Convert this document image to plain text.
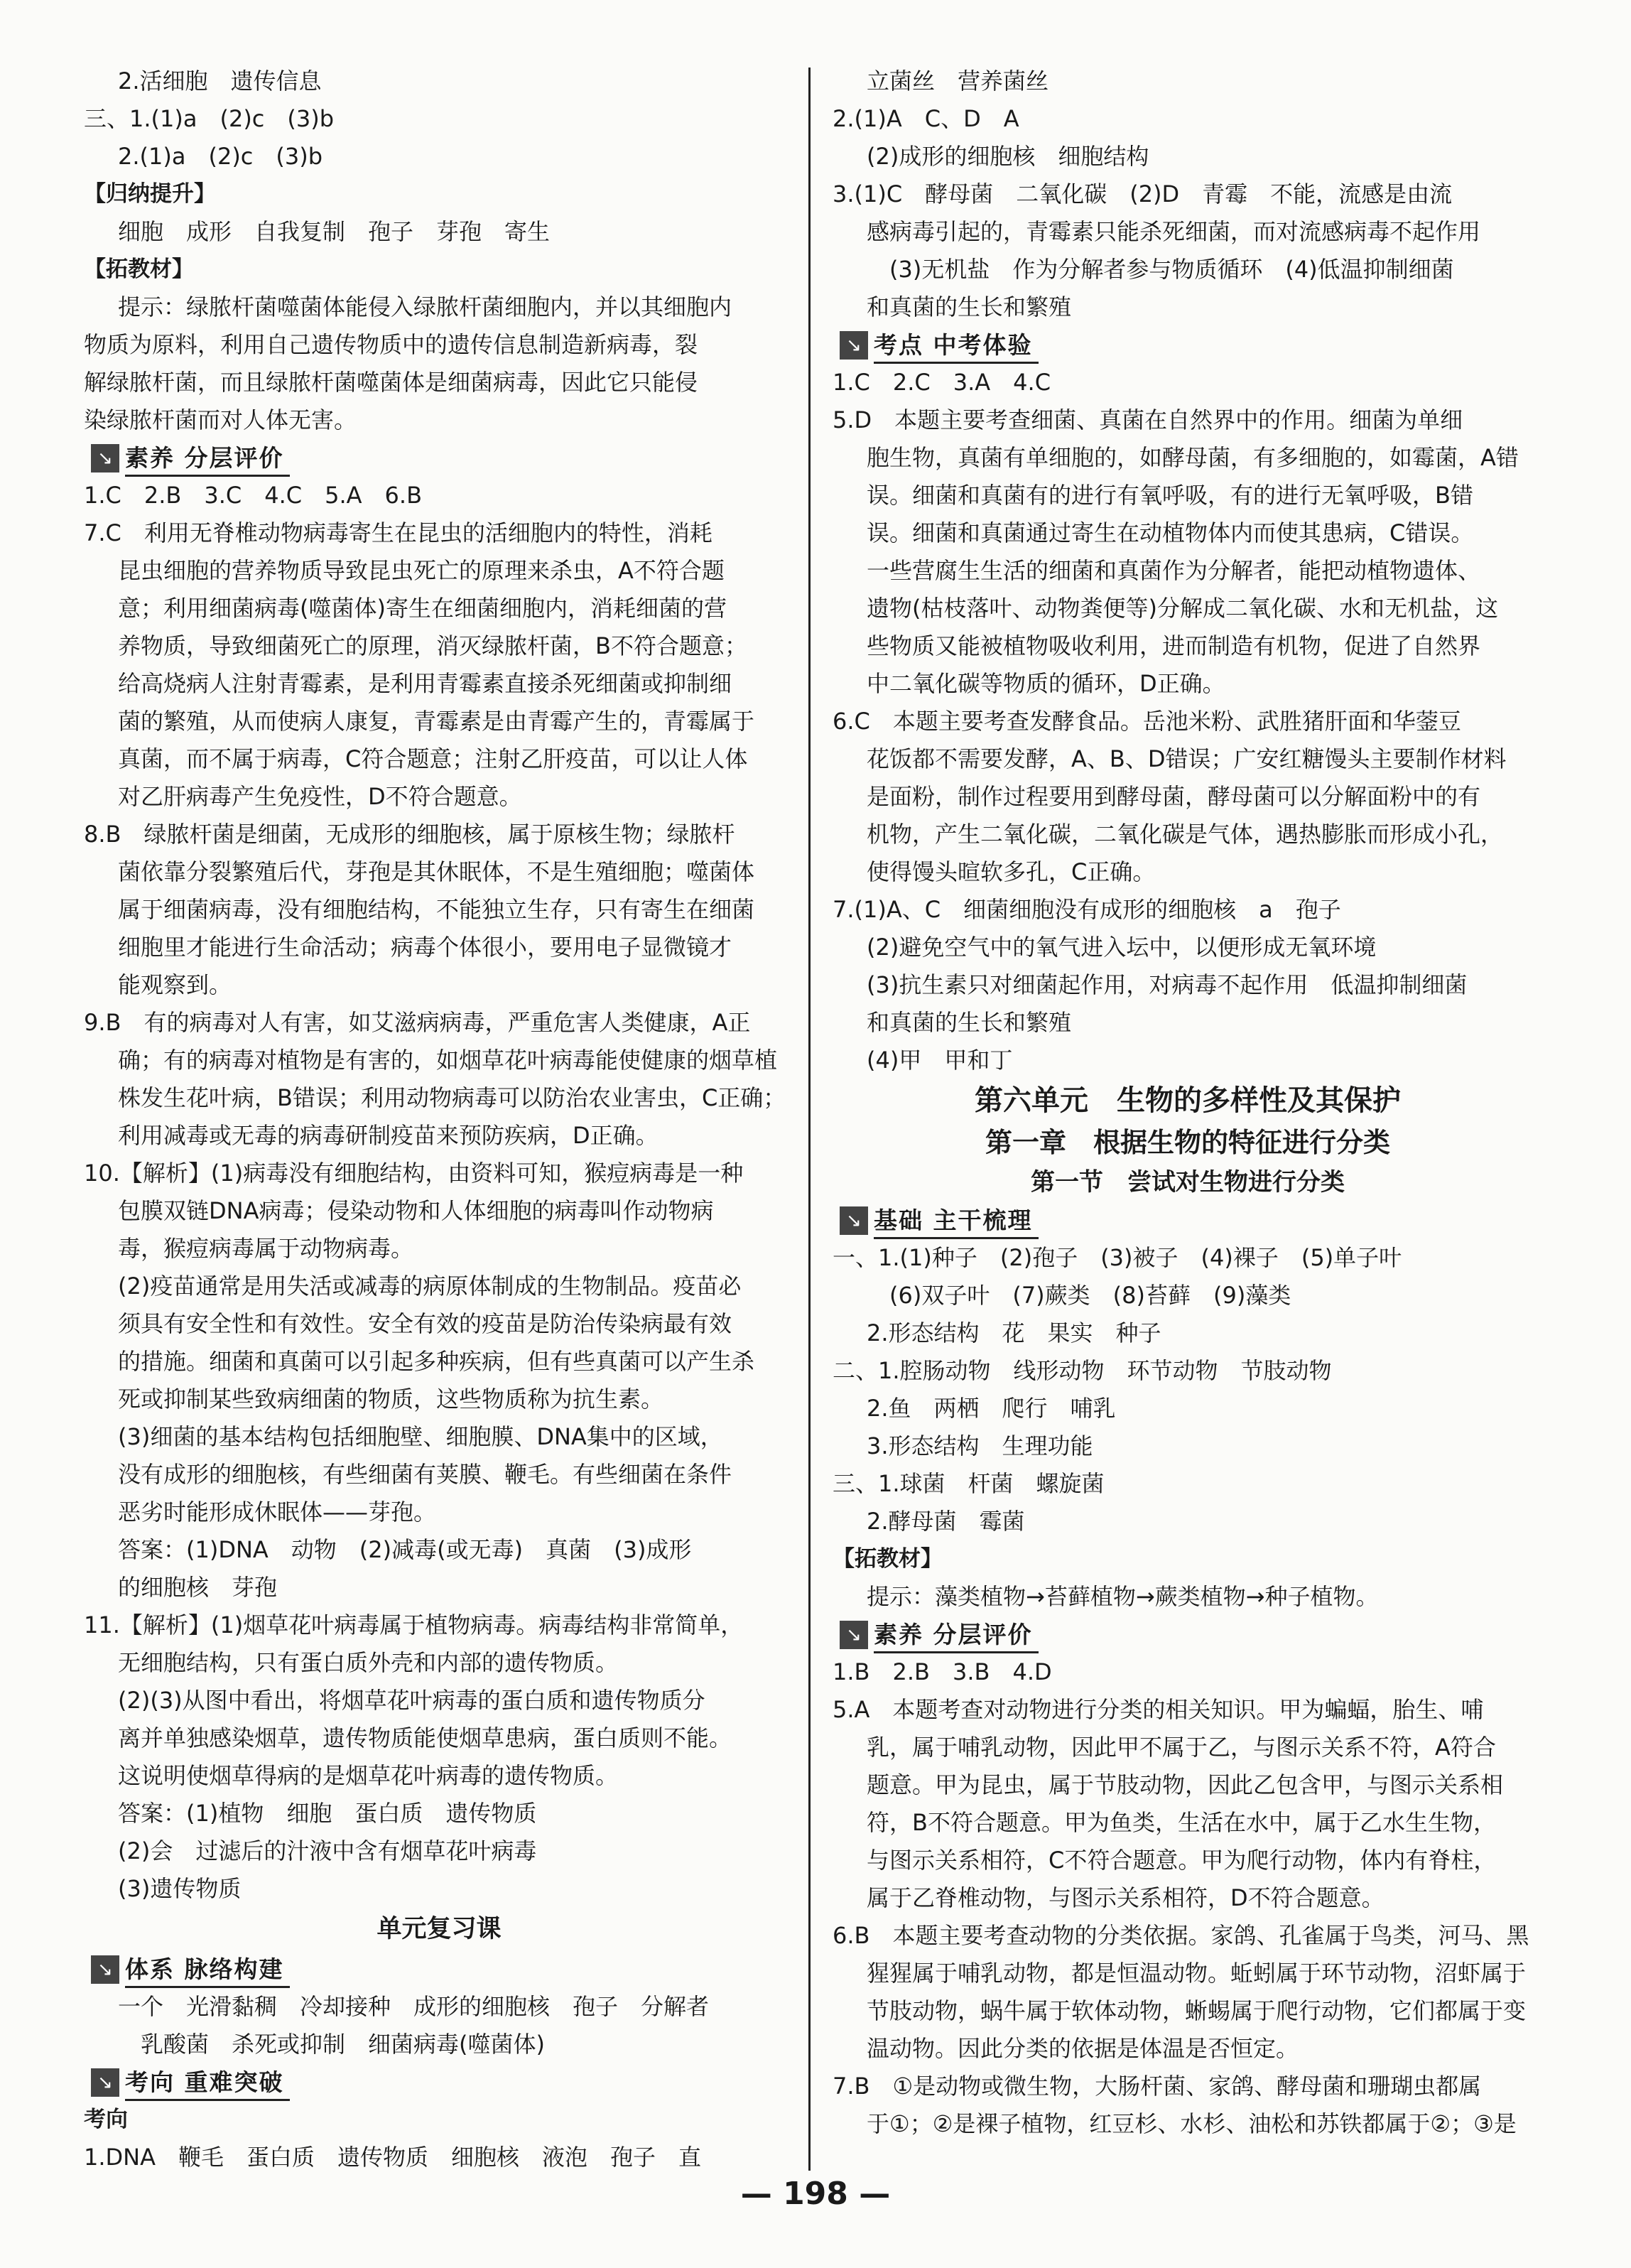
2.活细胞　遗传信息
三、1.(1)a　(2)c　(3)b
2.(1)a　(2)c　(3)b
【归纳提升】
细胞　成形　自我复制　孢子　芽孢　寄生
【拓教材】
提示：绿脓杆菌噬菌体能侵入绿脓杆菌细胞内，并以其细胞内
物质为原料，利用自己遗传物质中的遗传信息制造新病毒，裂
解绿脓杆菌，而且绿脓杆菌噬菌体是细菌病毒，因此它只能侵
染绿脓杆菌而对人体无害。
↘ 素养 分层评价
1.C　2.B　3.C　4.C　5.A　6.B
7.C　利用无脊椎动物病毒寄生在昆虫的活细胞内的特性，消耗
昆虫细胞的营养物质导致昆虫死亡的原理来杀虫，A不符合题
意；利用细菌病毒(噬菌体)寄生在细菌细胞内，消耗细菌的营
养物质，导致细菌死亡的原理，消灭绿脓杆菌，B不符合题意；
给高烧病人注射青霉素，是利用青霉素直接杀死细菌或抑制细
菌的繁殖，从而使病人康复，青霉素是由青霉产生的，青霉属于
真菌，而不属于病毒，C符合题意；注射乙肝疫苗，可以让人体
对乙肝病毒产生免疫性，D不符合题意。
8.B　绿脓杆菌是细菌，无成形的细胞核，属于原核生物；绿脓杆
菌依靠分裂繁殖后代，芽孢是其休眠体，不是生殖细胞；噬菌体
属于细菌病毒，没有细胞结构，不能独立生存，只有寄生在细菌
细胞里才能进行生命活动；病毒个体很小，要用电子显微镜才
能观察到。
9.B　有的病毒对人有害，如艾滋病病毒，严重危害人类健康，A正
确；有的病毒对植物是有害的，如烟草花叶病毒能使健康的烟草植
株发生花叶病，B错误；利用动物病毒可以防治农业害虫，C正确；
利用减毒或无毒的病毒研制疫苗来预防疾病，D正确。
10.【解析】(1)病毒没有细胞结构，由资料可知，猴痘病毒是一种
包膜双链DNA病毒；侵染动物和人体细胞的病毒叫作动物病
毒，猴痘病毒属于动物病毒。
(2)疫苗通常是用失活或减毒的病原体制成的生物制品。疫苗必
须具有安全性和有效性。安全有效的疫苗是防治传染病最有效
的措施。细菌和真菌可以引起多种疾病，但有些真菌可以产生杀
死或抑制某些致病细菌的物质，这些物质称为抗生素。
(3)细菌的基本结构包括细胞壁、细胞膜、DNA集中的区域，
没有成形的细胞核，有些细菌有荚膜、鞭毛。有些细菌在条件
恶劣时能形成休眠体——芽孢。
答案：(1)DNA　动物　(2)减毒(或无毒)　真菌　(3)成形
的细胞核　芽孢
11.【解析】(1)烟草花叶病毒属于植物病毒。病毒结构非常简单，
无细胞结构，只有蛋白质外壳和内部的遗传物质。
(2)(3)从图中看出，将烟草花叶病毒的蛋白质和遗传物质分
离并单独感染烟草，遗传物质能使烟草患病，蛋白质则不能。
这说明使烟草得病的是烟草花叶病毒的遗传物质。
答案：(1)植物　细胞　蛋白质　遗传物质
(2)会　过滤后的汁液中含有烟草花叶病毒
(3)遗传物质
单元复习课
↘ 体系 脉络构建
一个　光滑黏稠　冷却接种　成形的细胞核　孢子　分解者
乳酸菌　杀死或抑制　细菌病毒(噬菌体)
↘ 考向 重难突破
考向
1.DNA　鞭毛　蛋白质　遗传物质　细胞核　液泡　孢子　直
立菌丝　营养菌丝
2.(1)A　C、D　A
(2)成形的细胞核　细胞结构
3.(1)C　酵母菌　二氧化碳　(2)D　青霉　不能，流感是由流
感病毒引起的，青霉素只能杀死细菌，而对流感病毒不起作用
(3)无机盐　作为分解者参与物质循环　(4)低温抑制细菌
和真菌的生长和繁殖
↘ 考点 中考体验
1.C　2.C　3.A　4.C
5.D　本题主要考查细菌、真菌在自然界中的作用。细菌为单细
胞生物，真菌有单细胞的，如酵母菌，有多细胞的，如霉菌，A错
误。细菌和真菌有的进行有氧呼吸，有的进行无氧呼吸，B错
误。细菌和真菌通过寄生在动植物体内而使其患病，C错误。
一些营腐生生活的细菌和真菌作为分解者，能把动植物遗体、
遗物(枯枝落叶、动物粪便等)分解成二氧化碳、水和无机盐，这
些物质又能被植物吸收利用，进而制造有机物，促进了自然界
中二氧化碳等物质的循环，D正确。
6.C　本题主要考查发酵食品。岳池米粉、武胜猪肝面和华蓥豆
花饭都不需要发酵，A、B、D错误；广安红糖馒头主要制作材料
是面粉，制作过程要用到酵母菌，酵母菌可以分解面粉中的有
机物，产生二氧化碳，二氧化碳是气体，遇热膨胀而形成小孔，
使得馒头暄软多孔，C正确。
7.(1)A、C　细菌细胞没有成形的细胞核　a　孢子
(2)避免空气中的氧气进入坛中，以便形成无氧环境
(3)抗生素只对细菌起作用，对病毒不起作用　低温抑制细菌
和真菌的生长和繁殖
(4)甲　甲和丁
第六单元　生物的多样性及其保护
第一章　根据生物的特征进行分类
第一节　尝试对生物进行分类
↘ 基础 主干梳理
一、1.(1)种子　(2)孢子　(3)被子　(4)裸子　(5)单子叶
(6)双子叶　(7)蕨类　(8)苔藓　(9)藻类
2.形态结构　花　果实　种子
二、1.腔肠动物　线形动物　环节动物　节肢动物
2.鱼　两栖　爬行　哺乳
3.形态结构　生理功能
三、1.球菌　杆菌　螺旋菌
2.酵母菌　霉菌
【拓教材】
提示：藻类植物→苔藓植物→蕨类植物→种子植物。
↘ 素养 分层评价
1.B　2.B　3.B　4.D
5.A　本题考查对动物进行分类的相关知识。甲为蝙蝠，胎生、哺
乳，属于哺乳动物，因此甲不属于乙，与图示关系不符，A符合
题意。甲为昆虫，属于节肢动物，因此乙包含甲，与图示关系相
符，B不符合题意。甲为鱼类，生活在水中，属于乙水生生物，
与图示关系相符，C不符合题意。甲为爬行动物，体内有脊柱，
属于乙脊椎动物，与图示关系相符，D不符合题意。
6.B　本题主要考查动物的分类依据。家鸽、孔雀属于鸟类，河马、黑
猩猩属于哺乳动物，都是恒温动物。蚯蚓属于环节动物，沼虾属于
节肢动物，蜗牛属于软体动物，蜥蜴属于爬行动物，它们都属于变
温动物。因此分类的依据是体温是否恒定。
7.B　①是动物或微生物，大肠杆菌、家鸽、酵母菌和珊瑚虫都属
于①；②是裸子植物，红豆杉、水杉、油松和苏铁都属于②；③是
— 198 —
